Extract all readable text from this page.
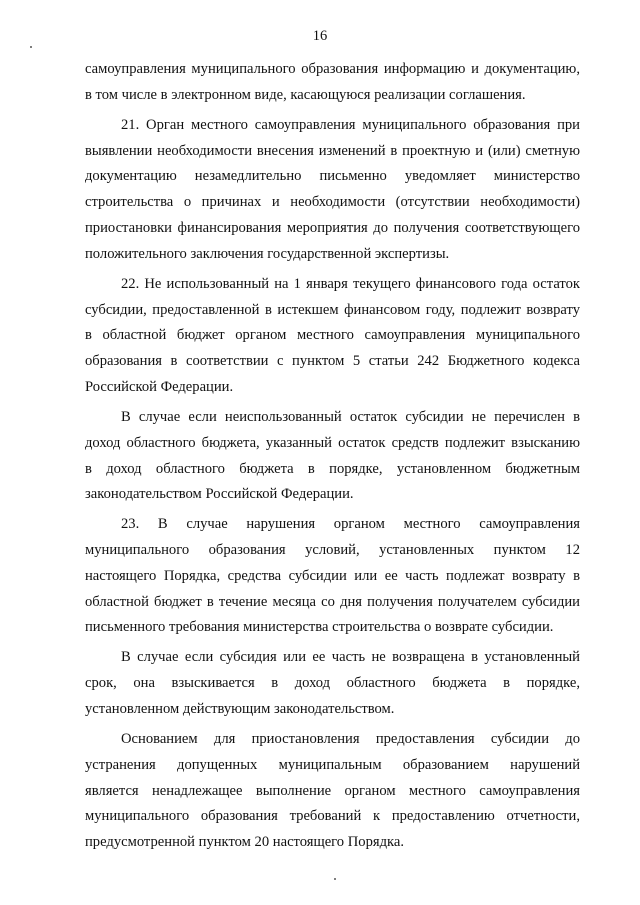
16
самоуправления муниципального образования информацию и документацию,
в том числе в электронном виде, касающуюся реализации соглашения.
21. Орган местного самоуправления муниципального образования при
выявлении необходимости внесения изменений в проектную и (или) сметную
документацию незамедлительно письменно уведомляет министерство
строительства о причинах и необходимости (отсутствии необходимости)
приостановки финансирования мероприятия до получения соответствующего
положительного заключения государственной экспертизы.
22. Не использованный на 1 января текущего финансового года остаток
субсидии, предоставленной в истекшем финансовом году, подлежит возврату
в областной бюджет органом местного самоуправления муниципального
образования в соответствии с пунктом 5 статьи 242 Бюджетного кодекса
Российской Федерации.
В случае если неиспользованный остаток субсидии не перечислен в
доход областного бюджета, указанный остаток средств подлежит взысканию
в доход областного бюджета в порядке, установленном бюджетным
законодательством Российской Федерации.
23. В случае нарушения органом местного самоуправления
муниципального образования условий, установленных пунктом 12
настоящего Порядка, средства субсидии или ее часть подлежат возврату в
областной бюджет в течение месяца со дня получения получателем субсидии
письменного требования министерства строительства о возврате субсидии.
В случае если субсидия или ее часть не возвращена в установленный
срок, она взыскивается в доход областного бюджета в порядке,
установленном действующим законодательством.
Основанием для приостановления предоставления субсидии до
устранения допущенных муниципальным образованием нарушений
является ненадлежащее выполнение органом местного самоуправления
муниципального образования требований к предоставлению отчетности,
предусмотренной пунктом 20 настоящего Порядка.
